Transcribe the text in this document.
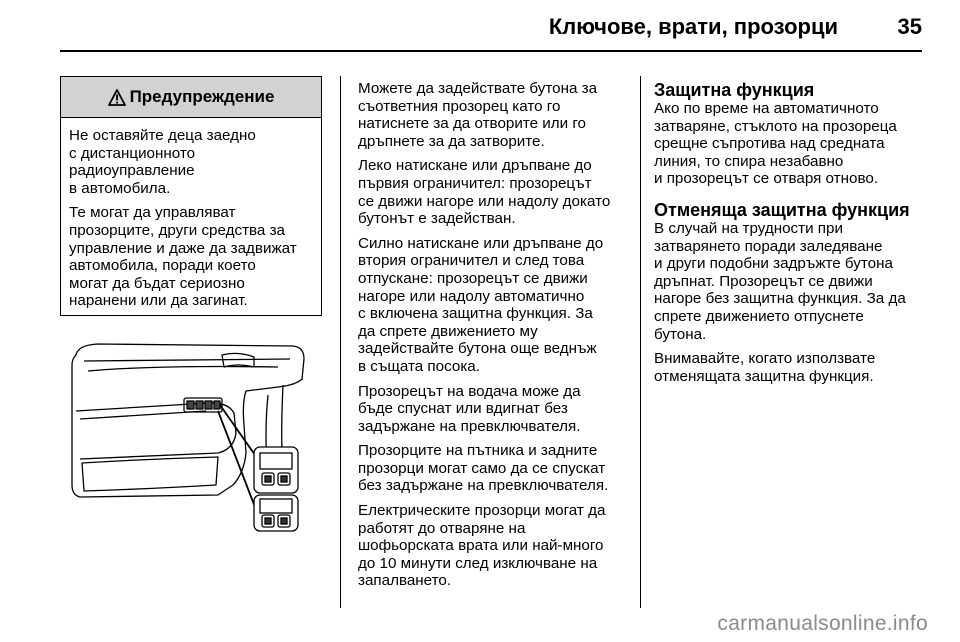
Ключове, врати, прозорци	35
Предупреждение

Не оставяйте деца заедно
с дистанционното
радиоуправление
в автомобила.

Те могат да управляват
прозорците, други средства за
управление и даже да задвижат
автомобила, поради което
могат да бъдат сериозно
наранени или да загинат.

Можете да задействате бутона за
съответния прозорец като го
натиснете за да отворите или го
дръпнете за да затворите.

Леко натискане или дръпване до
първия ограничител: прозорецът
се движи нагоре или надолу докато
бутонът е задействан.

Силно натискане или дръпване до
втория ограничител и след това
отпускане: прозорецът се движи
нагоре или надолу автоматично
с включена защитна функция. За
да спрете движението му
задействайте бутона още веднъж
в същата посока.

Прозорецът на водача може да
бъде спуснат или вдигнат без
задържане на превключвателя.

Прозорците на пътника и задните
прозорци могат само да се спускат
без задържане на превключвателя.

Електрическите прозорци могат да
работят до отваряне на
шофьорската врата или най-много
до 10 минути след изключване на
запалването.

Защитна функция

Ако по време на автоматичното
затваряне, стъклото на прозореца
срещне съпротива над средната
линия, то спира незабавно
и прозорецът се отваря отново.

Отменяща защитна функция

В случай на трудности при
затварянето поради заледяване
и други подобни задръжте бутона
дръпнат. Прозорецът се движи
нагоре без защитна функция. За да
спрете движението отпуснете
бутона.

Внимавайте, когато използвате
отменящата защитна функция.

carmanualsonline.info
